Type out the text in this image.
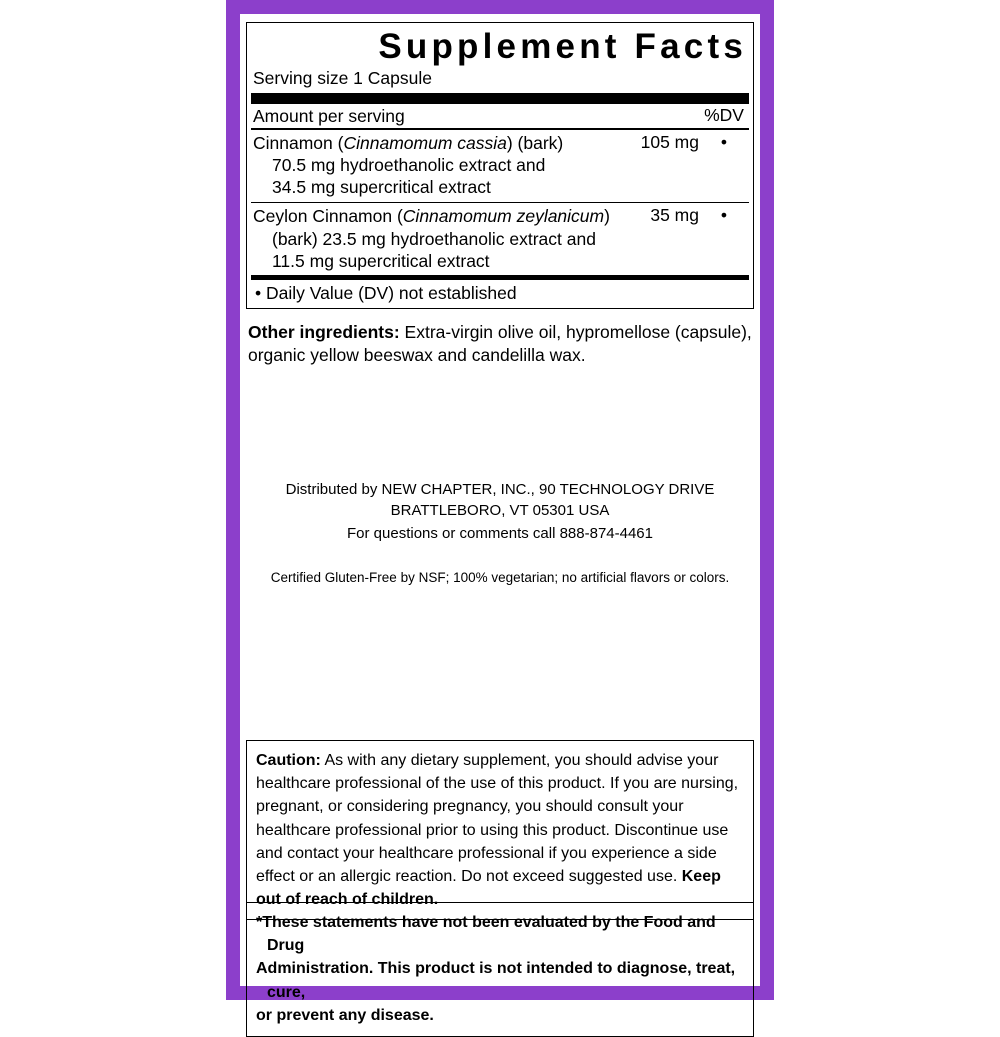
Supplement Facts
Serving size 1 Capsule
Amount per serving	%DV
Cinnamon (Cinnamomum cassia) (bark)
70.5 mg hydroethanolic extract and
34.5 mg supercritical extract
105 mg	•
Ceylon Cinnamon (Cinnamomum zeylanicum)
(bark) 23.5 mg hydroethanolic extract and
11.5 mg supercritical extract
35 mg	•
• Daily Value (DV) not established
Other ingredients: Extra-virgin olive oil, hypromellose (capsule), organic yellow beeswax and candelilla wax.
Distributed by NEW CHAPTER, INC., 90 TECHNOLOGY DRIVE
BRATTLEBORO, VT 05301 USA
For questions or comments call 888-874-4461
Certified Gluten-Free by NSF; 100% vegetarian; no artificial flavors or colors.
Caution: As with any dietary supplement, you should advise your healthcare professional of the use of this product. If you are nursing, pregnant, or considering pregnancy, you should consult your healthcare professional prior to using this product. Discontinue use and contact your healthcare professional if you experience a side effect or an allergic reaction. Do not exceed suggested use. Keep out of reach of children.
*These statements have not been evaluated by the Food and Drug
Administration. This product is not intended to diagnose, treat, cure,
or prevent any disease.
